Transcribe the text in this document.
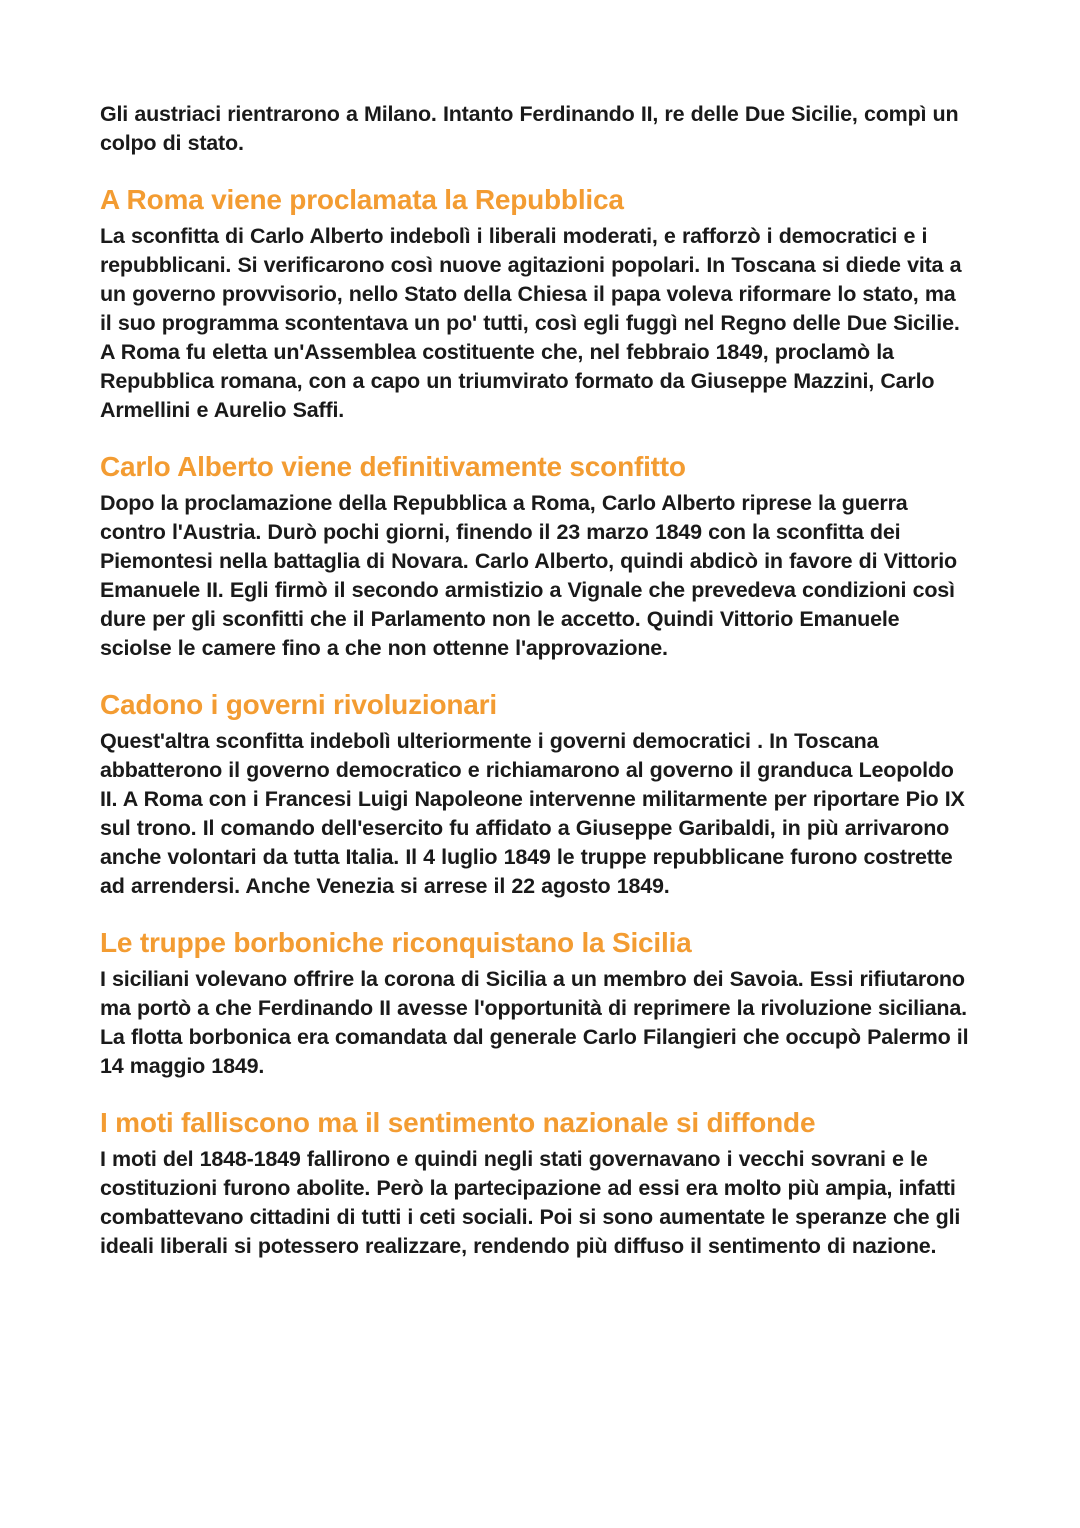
Gli austriaci rientrarono a Milano. Intanto Ferdinando II, re delle Due Sicilie, compì un colpo di stato.

A Roma viene proclamata la Repubblica

La sconfitta di Carlo Alberto indebolì i liberali moderati, e rafforzò i democratici e i repubblicani. Si verificarono così nuove agitazioni popolari. In Toscana si diede vita a un governo provvisorio, nello Stato della Chiesa il papa voleva riformare lo stato, ma il suo programma scontentava un po' tutti, così egli fuggì nel Regno delle Due Sicilie. A Roma fu eletta un'Assemblea costituente che, nel febbraio 1849, proclamò la Repubblica romana, con a capo un triumvirato formato da Giuseppe Mazzini, Carlo Armellini e Aurelio Saffi.

Carlo Alberto viene definitivamente sconfitto

Dopo la proclamazione della Repubblica a Roma, Carlo Alberto riprese la guerra contro l'Austria. Durò pochi giorni, finendo il 23 marzo 1849 con la sconfitta dei Piemontesi nella battaglia di Novara. Carlo Alberto, quindi abdicò in favore di Vittorio Emanuele II. Egli firmò il secondo armistizio a Vignale che prevedeva condizioni così dure per gli sconfitti che il Parlamento non le accetto. Quindi Vittorio Emanuele sciolse le camere fino a che non ottenne l'approvazione.

Cadono i governi rivoluzionari

Quest'altra sconfitta indebolì ulteriormente i governi democratici . In Toscana abbatterono il governo democratico e richiamarono al governo il granduca Leopoldo II. A Roma con i Francesi Luigi Napoleone intervenne militarmente per riportare Pio IX sul trono. Il comando dell'esercito fu affidato a Giuseppe Garibaldi, in più arrivarono anche volontari da tutta Italia. Il 4 luglio 1849 le truppe repubblicane furono costrette ad arrendersi. Anche Venezia si arrese il 22 agosto 1849.

Le truppe borboniche riconquistano la Sicilia

I siciliani volevano offrire la corona di Sicilia a un membro dei Savoia. Essi rifiutarono ma portò a che Ferdinando II avesse l'opportunità di reprimere la rivoluzione siciliana. La flotta borbonica era comandata dal generale Carlo Filangieri che occupò Palermo il 14 maggio 1849.

I moti falliscono ma il sentimento nazionale si diffonde

I moti del 1848-1849 fallirono e quindi negli stati governavano i vecchi sovrani e le costituzioni furono abolite. Però la partecipazione ad essi era molto più ampia, infatti combattevano cittadini di tutti i ceti sociali. Poi si sono aumentate le speranze che gli ideali liberali si potessero realizzare, rendendo più diffuso il sentimento di nazione.
